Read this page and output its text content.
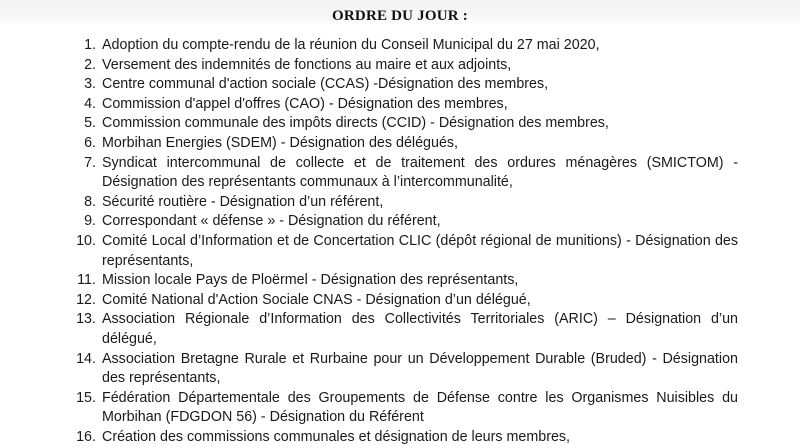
ORDRE DU JOUR :
1 . Adoption du compte-rendu de la réunion du Conseil Municipal du 27 mai 2020,
2 . Versement des indemnités de fonctions au maire et aux adjoints,
3 . Centre communal d'action sociale (CCAS) -Désignation des membres,
4 . Commission d'appel d'offres (CAO) - Désignation des membres,
5 . Commission communale des impôts directs (CCID) - Désignation des membres,
6 . Morbihan Energies (SDEM) - Désignation des délégués,
7 . Syndicat intercommunal de collecte et de traitement des ordures ménagères (SMICTOM) - Désignation des représentants communaux à l’intercommunalité,
8 . Sécurité routière - Désignation d’un référent,
9 . Correspondant « défense » - Désignation du référent,
10 . Comité Local d’Information et de Concertation CLIC (dépôt régional de munitions) - Désignation des représentants,
11 . Mission locale Pays de Ploërmel - Désignation des représentants,
12 . Comité National d'Action Sociale CNAS - Désignation d’un délégué,
13 . Association Régionale d’Information des Collectivités Territoriales (ARIC) – Désignation d’un délégué,
14 . Association Bretagne Rurale et Rurbaine pour un Développement Durable (Bruded) - Désignation des représentants,
15 . Fédération Départementale des Groupements de Défense contre les Organismes Nuisibles du Morbihan (FDGDON 56) - Désignation du Référent
16 . Création des commissions communales et désignation de leurs membres,
